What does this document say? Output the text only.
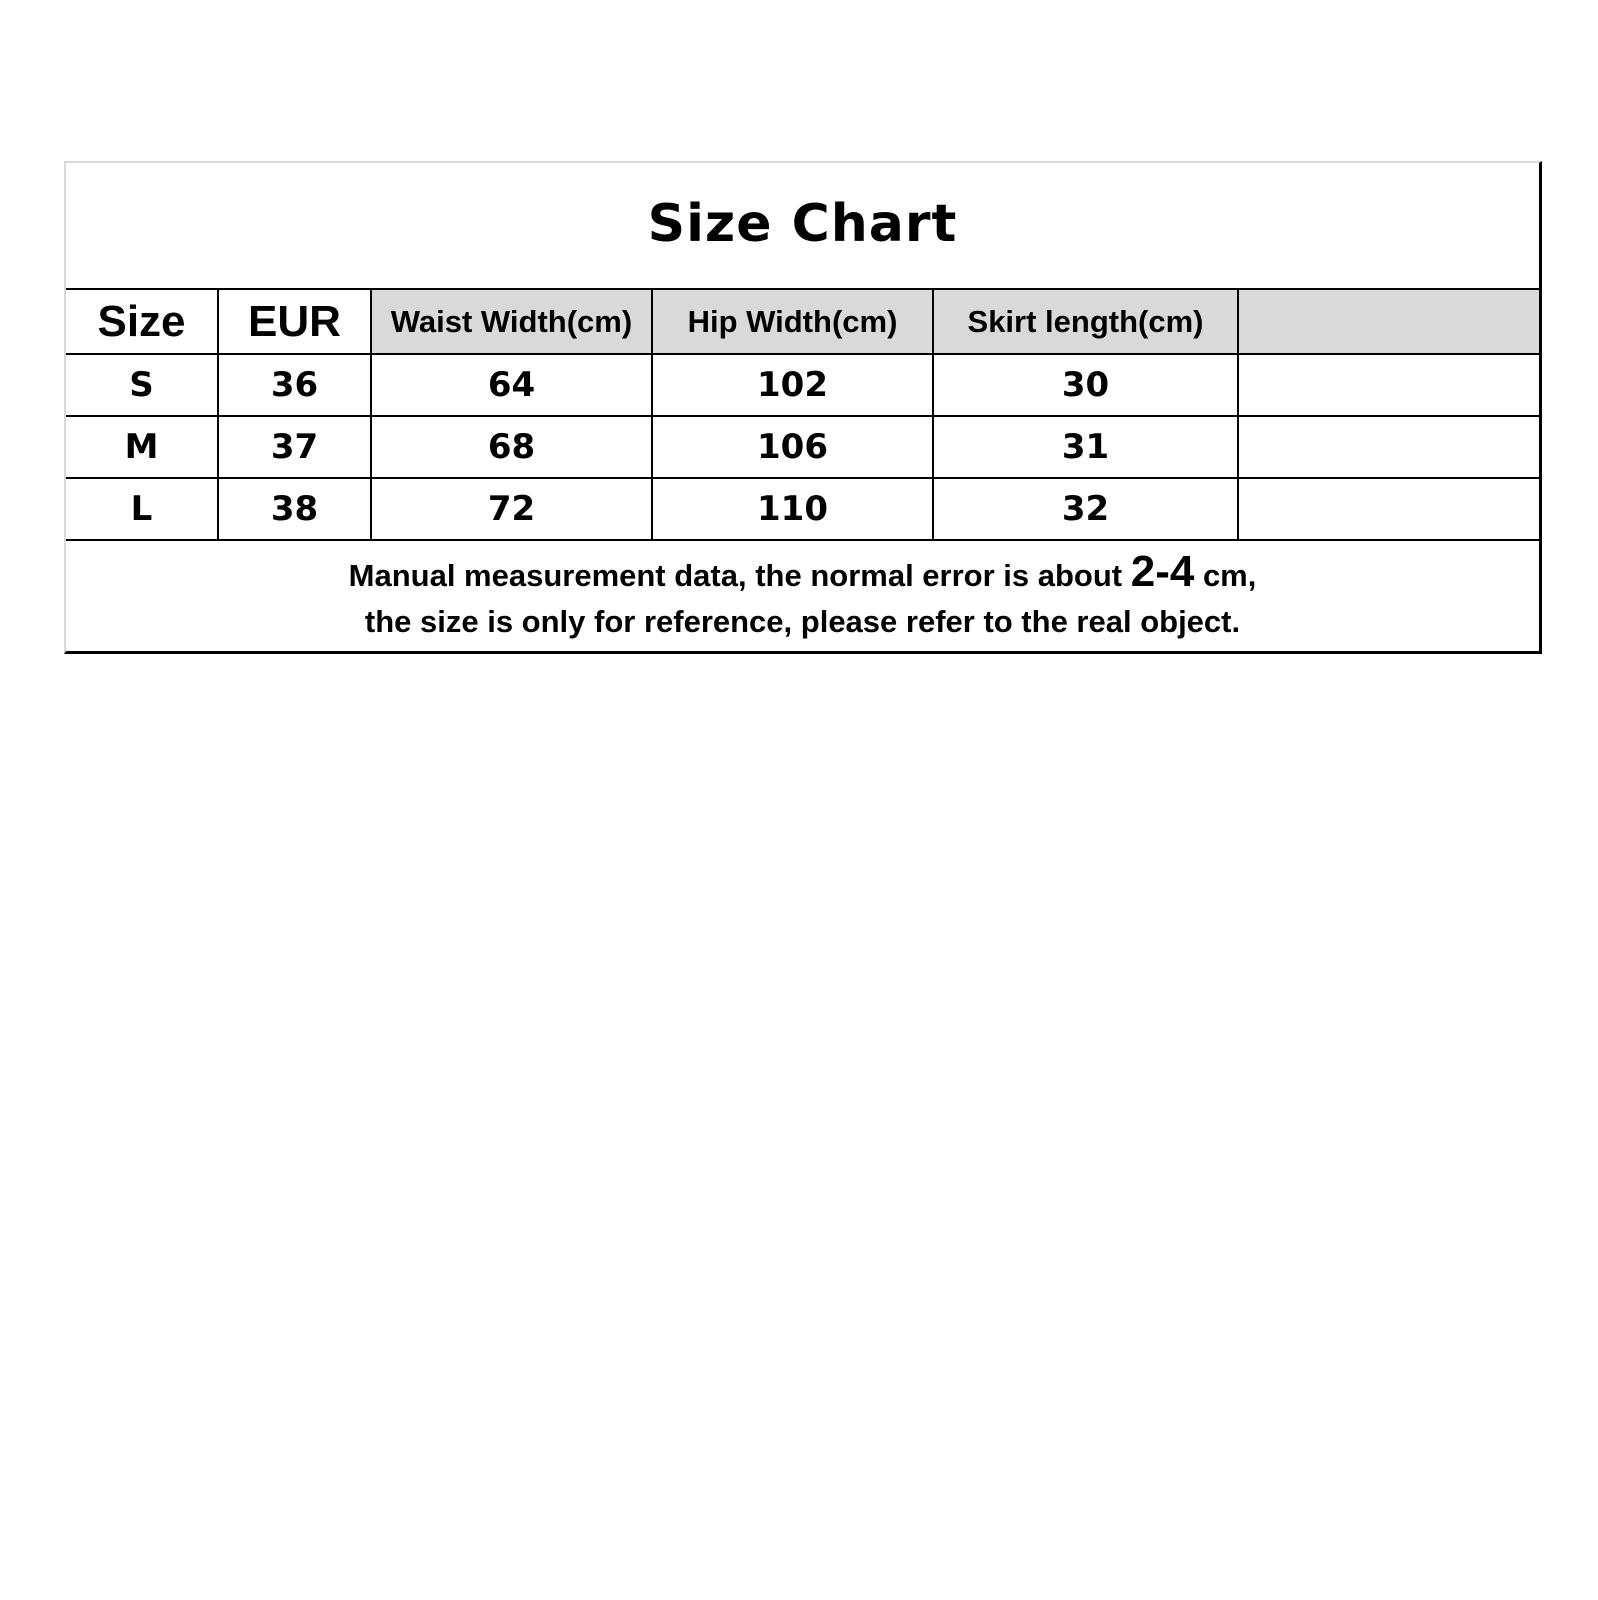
Size Chart
Size	EUR	Waist Width(cm)	Hip Width(cm)	Skirt length(cm)	
S	36	64	102	30	
M	37	68	106	31	
L	38	72	110	32	
Manual measurement data, the normal error is about 2-4 cm,
the size is only for reference, please refer to the real object.
